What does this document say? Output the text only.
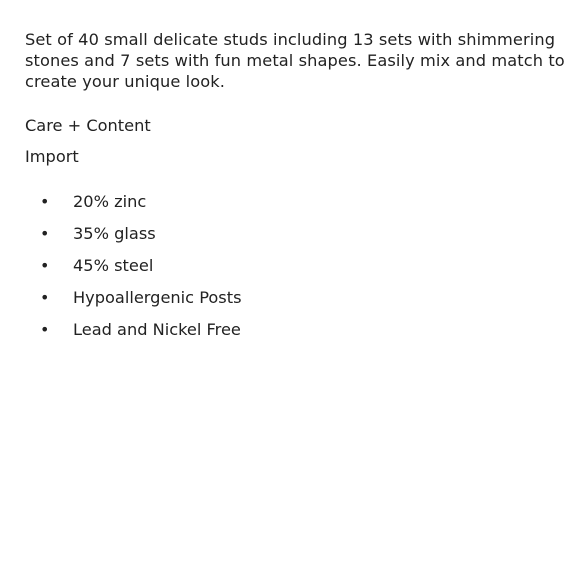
Set of 40 small delicate studs including 13 sets with shimmering stones and 7 sets with fun metal shapes. Easily mix and match to create your unique look.

Care + Content

Import

• 20% zinc
• 35% glass
• 45% steel
• Hypoallergenic Posts
• Lead and Nickel Free
